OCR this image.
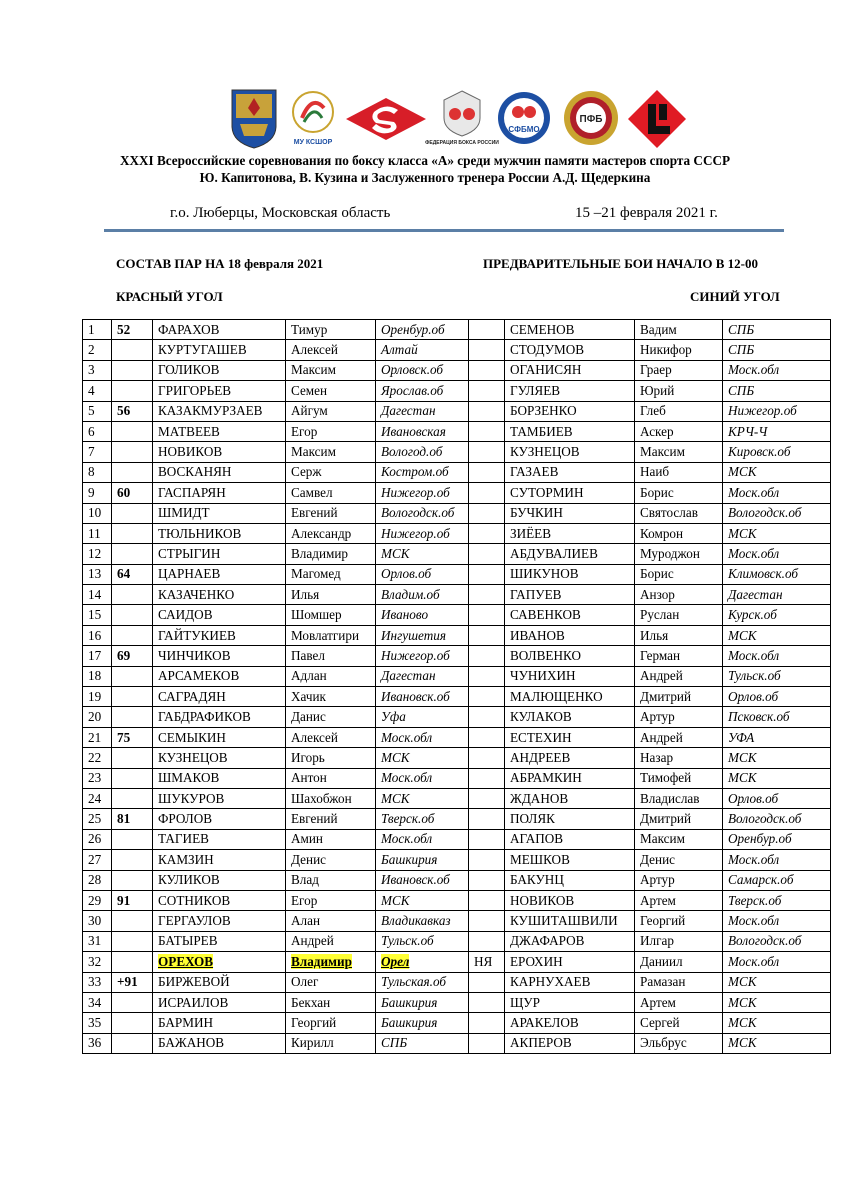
МУ КСШОР	ФЕДЕРАЦИЯ БОКСА РОССИИ
СФБМО
ПФБ
XXXI Всероссийские соревнования по боксу класса «А» среди мужчин памяти мастеров спорта СССР
Ю. Капитонова, В. Кузина и Заслуженного тренера России А.Д. Щедеркина
г.о. Люберцы, Московская область	15 –21 февраля 2021 г.
СОСТАВ ПАР НА 18 февраля 2021	ПРЕДВАРИТЕЛЬНЫЕ БОИ НАЧАЛО В 12-00
КРАСНЫЙ УГОЛ	СИНИЙ УГОЛ
1	52	ФАРАХОВ	Тимур	Оренбур.об		СЕМЕНОВ	Вадим	СПБ
2		КУРТУГАШЕВ	Алексей	Алтай		СТОДУМОВ	Никифор	СПБ
3		ГОЛИКОВ	Максим	Орловск.об		ОГАНИСЯН	Граер	Моск.обл
4		ГРИГОРЬЕВ	Семен	Ярослав.об		ГУЛЯЕВ	Юрий	СПБ
5	56	КАЗАКМУРЗАЕВ	Айгум	Дагестан		БОРЗЕНКО	Глеб	Нижегор.об
6		МАТВЕЕВ	Егор	Ивановская		ТАМБИЕВ	Аскер	КРЧ-Ч
7		НОВИКОВ	Максим	Вологод.об		КУЗНЕЦОВ	Максим	Кировск.об
8		ВОСКАНЯН	Серж	Костром.об		ГАЗАЕВ	Наиб	МСК
9	60	ГАСПАРЯН	Самвел	Нижегор.об		СУТОРМИН	Борис	Моск.обл
10		ШМИДТ	Евгений	Вологодск.об		БУЧКИН	Святослав	Вологодск.об
11		ТЮЛЬНИКОВ	Александр	Нижегор.об		ЗИЁЕВ	Комрон	МСК
12		СТРЫГИН	Владимир	МСК		АБДУВАЛИЕВ	Муроджон	Моск.обл
13	64	ЦАРНАЕВ	Магомед	Орлов.об		ШИКУНОВ	Борис	Климовск.об
14		КАЗАЧЕНКО	Илья	Владим.об		ГАПУЕВ	Анзор	Дагестан
15		САИДОВ	Шомшер	Иваново		САВЕНКОВ	Руслан	Курск.об
16		ГАЙТУКИЕВ	Мовлатгири	Ингушетия		ИВАНОВ	Илья	МСК
17	69	ЧИНЧИКОВ	Павел	Нижегор.об		ВОЛВЕНКО	Герман	Моск.обл
18		АРСАМЕКОВ	Адлан	Дагестан		ЧУНИХИН	Андрей	Тульск.об
19		САГРАДЯН	Хачик	Ивановск.об		МАЛЮЩЕНКО	Дмитрий	Орлов.об
20		ГАБДРАФИКОВ	Данис	Уфа		КУЛАКОВ	Артур	Псковск.об
21	75	СЕМЫКИН	Алексей	Моск.обл		ЕСТЕХИН	Андрей	УФА
22		КУЗНЕЦОВ	Игорь	МСК		АНДРЕЕВ	Назар	МСК
23		ШМАКОВ	Антон	Моск.обл		АБРАМКИН	Тимофей	МСК
24		ШУКУРОВ	Шахобжон	МСК		ЖДАНОВ	Владислав	Орлов.об
25	81	ФРОЛОВ	Евгений	Тверск.об		ПОЛЯК	Дмитрий	Вологодск.об
26		ТАГИЕВ	Амин	Моск.обл		АГАПОВ	Максим	Оренбур.об
27		КАМЗИН	Денис	Башкирия		МЕШКОВ	Денис	Моск.обл
28		КУЛИКОВ	Влад	Ивановск.об		БАКУНЦ	Артур	Самарск.об
29	91	СОТНИКОВ	Егор	МСК		НОВИКОВ	Артем	Тверск.об
30		ГЕРГАУЛОВ	Алан	Владикавказ		КУШИТАШВИЛИ	Георгий	Моск.обл
31		БАТЫРЕВ	Андрей	Тульск.об		ДЖАФАРОВ	Илгар	Вологодск.об
32		ОРЕХОВ	Владимир	Орел	НЯ	ЕРОХИН	Даниил	Моск.обл
33	+91	БИРЖЕВОЙ	Олег	Тульская.об		КАРНУХАЕВ	Рамазан	МСК
34		ИСРАИЛОВ	Бекхан	Башкирия		ЩУР	Артем	МСК
35		БАРМИН	Георгий	Башкирия		АРАКЕЛОВ	Сергей	МСК
36		БАЖАНОВ	Кирилл	СПБ		АКПЕРОВ	Эльбрус	МСК
